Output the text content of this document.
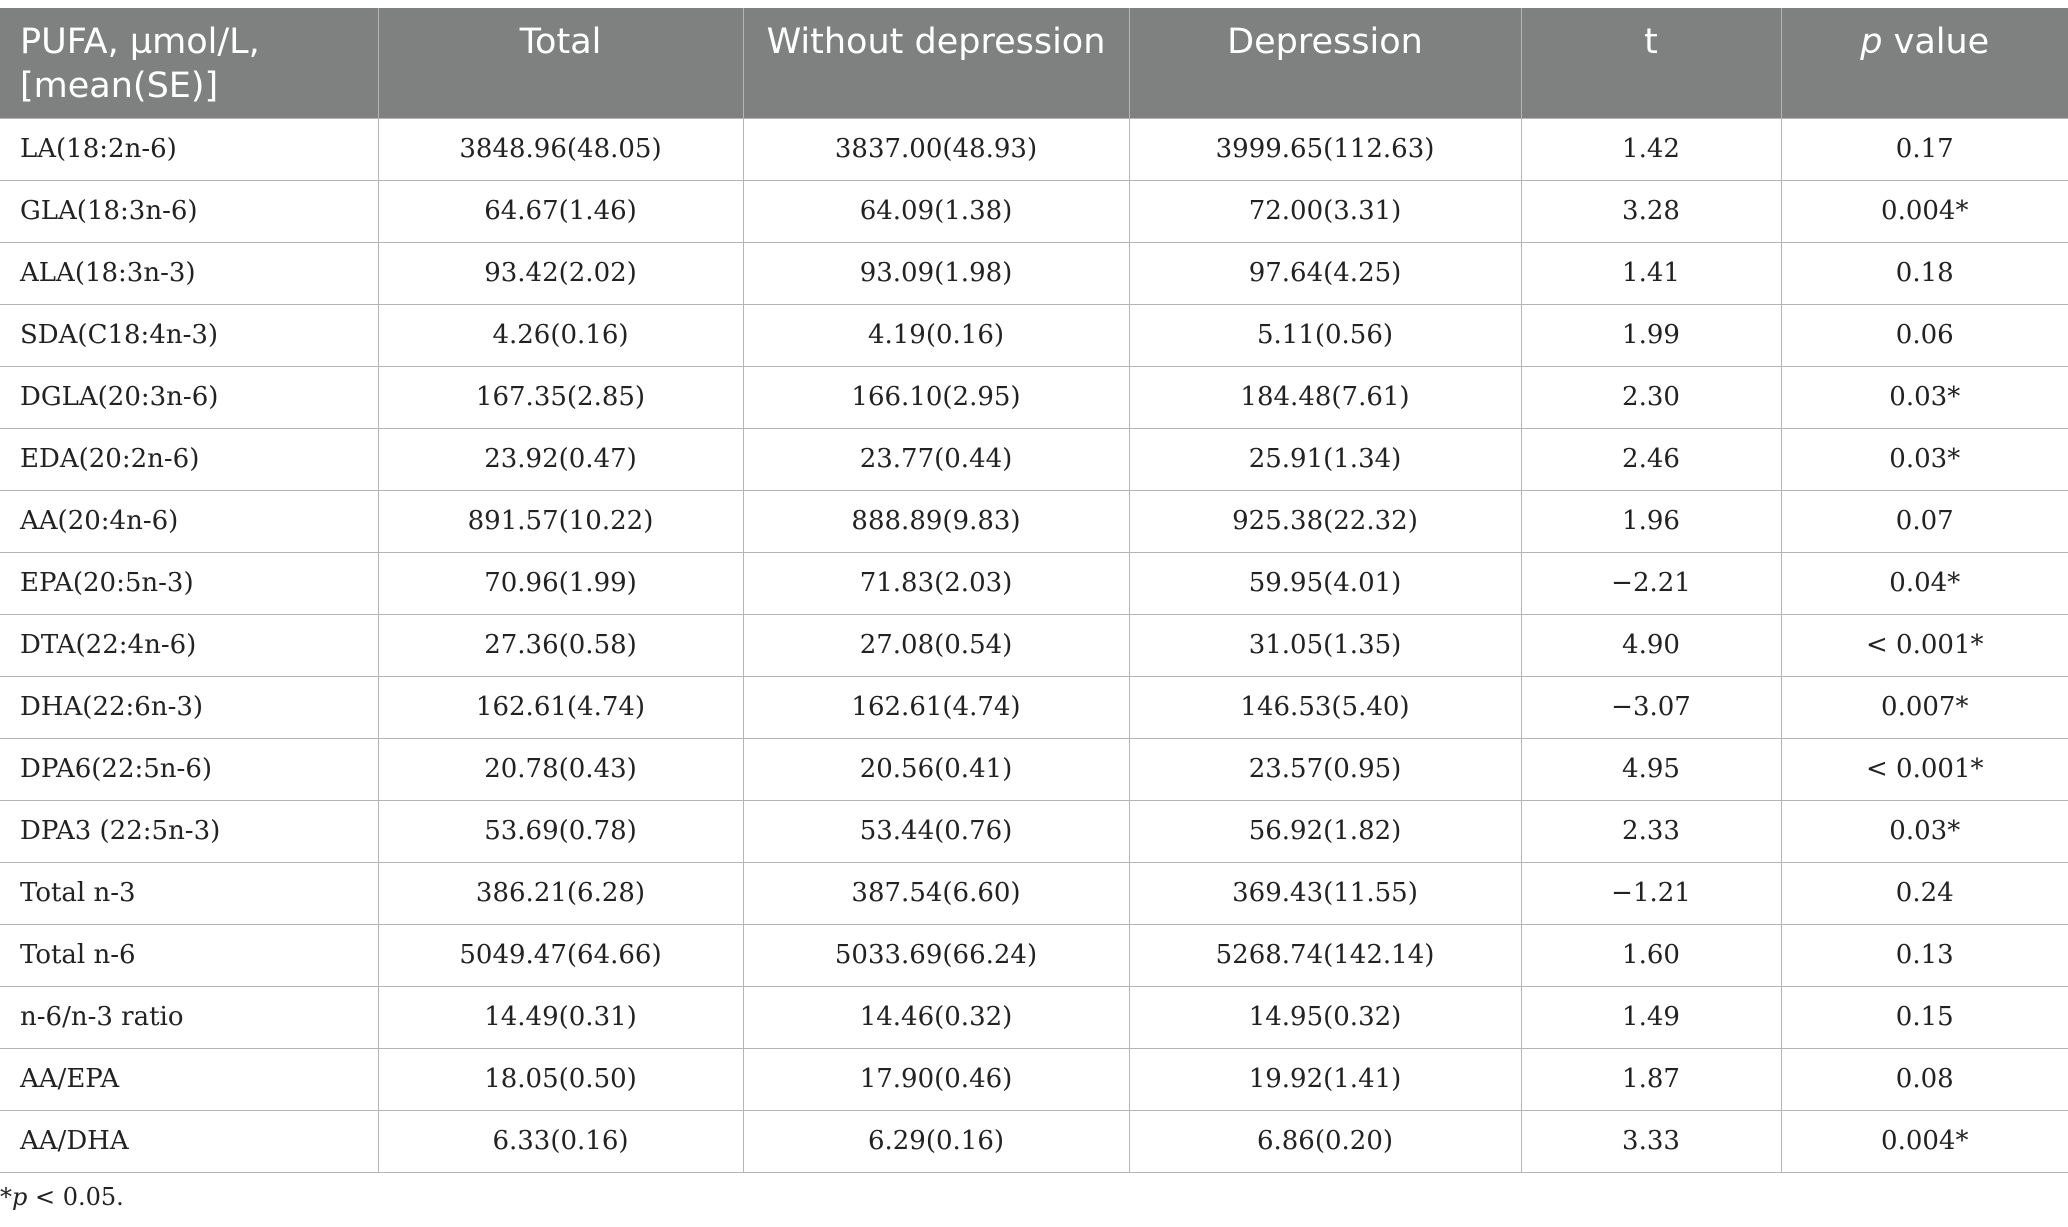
PUFA, µmol/L,
[mean(SE)]	Total	Without depression	Depression	t	p value
LA(18:2n-6)	3848.96(48.05)	3837.00(48.93)	3999.65(112.63)	1.42	0.17
GLA(18:3n-6)	64.67(1.46)	64.09(1.38)	72.00(3.31)	3.28	0.004*
ALA(18:3n-3)	93.42(2.02)	93.09(1.98)	97.64(4.25)	1.41	0.18
SDA(C18:4n-3)	4.26(0.16)	4.19(0.16)	5.11(0.56)	1.99	0.06
DGLA(20:3n-6)	167.35(2.85)	166.10(2.95)	184.48(7.61)	2.30	0.03*
EDA(20:2n-6)	23.92(0.47)	23.77(0.44)	25.91(1.34)	2.46	0.03*
AA(20:4n-6)	891.57(10.22)	888.89(9.83)	925.38(22.32)	1.96	0.07
EPA(20:5n-3)	70.96(1.99)	71.83(2.03)	59.95(4.01)	−2.21	0.04*
DTA(22:4n-6)	27.36(0.58)	27.08(0.54)	31.05(1.35)	4.90	< 0.001*
DHA(22:6n-3)	162.61(4.74)	162.61(4.74)	146.53(5.40)	−3.07	0.007*
DPA6(22:5n-6)	20.78(0.43)	20.56(0.41)	23.57(0.95)	4.95	< 0.001*
DPA3 (22:5n-3)	53.69(0.78)	53.44(0.76)	56.92(1.82)	2.33	0.03*
Total n-3	386.21(6.28)	387.54(6.60)	369.43(11.55)	−1.21	0.24
Total n-6	5049.47(64.66)	5033.69(66.24)	5268.74(142.14)	1.60	0.13
n-6/n-3 ratio	14.49(0.31)	14.46(0.32)	14.95(0.32)	1.49	0.15
AA/EPA	18.05(0.50)	17.90(0.46)	19.92(1.41)	1.87	0.08
AA/DHA	6.33(0.16)	6.29(0.16)	6.86(0.20)	3.33	0.004*
*p < 0.05.
